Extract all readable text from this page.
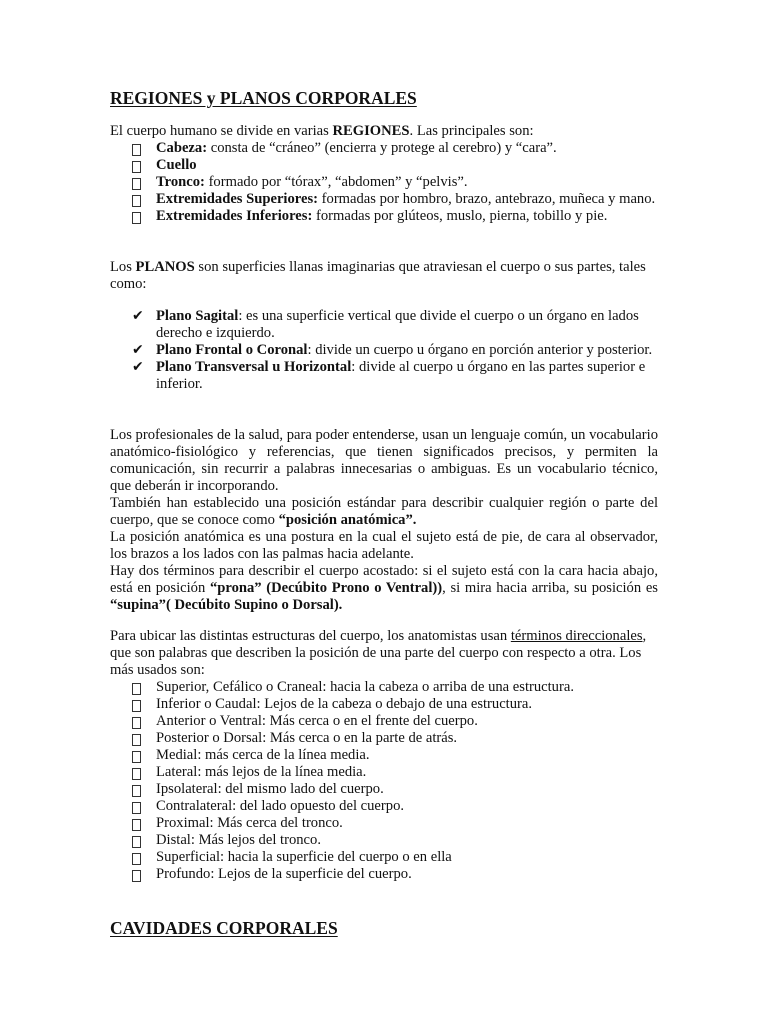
REGIONES y PLANOS CORPORALES

El cuerpo humano se divide en varias REGIONES. Las principales son:

Cabeza: consta de “cráneo” (encierra y protege al cerebro) y “cara”.
Cuello
Tronco: formado por “tórax”, “abdomen” y “pelvis”.
Extremidades Superiores: formadas por hombro, brazo, antebrazo, muñeca y mano.
Extremidades Inferiores: formadas por glúteos, muslo, pierna, tobillo y pie.

Los PLANOS son superficies llanas imaginarias que atraviesan el cuerpo o sus partes, tales como:

✔ Plano Sagital: es una superficie vertical que divide el cuerpo o un órgano en lados derecho e izquierdo.
✔ Plano Frontal o Coronal: divide un cuerpo u órgano en porción anterior y posterior.
✔ Plano Transversal u Horizontal: divide al cuerpo u órgano en las partes superior e inferior.

Los profesionales de la salud, para poder entenderse, usan un lenguaje común, un vocabulario anatómico-fisiológico y referencias, que tienen significados precisos, y permiten la comunicación, sin recurrir a palabras innecesarias o ambiguas. Es un vocabulario técnico, que deberán ir incorporando.

También han establecido una posición estándar para describir cualquier región o parte del cuerpo, que se conoce como “posición anatómica”.

La posición anatómica es una postura en la cual el sujeto está de pie, de cara al observador, los brazos a los lados con las palmas hacia adelante.

Hay dos términos para describir el cuerpo acostado: si el sujeto está con la cara hacia abajo, está en posición “prona” (Decúbito Prono o Ventral)), si mira hacia arriba, su posición es “supina”( Decúbito Supino o Dorsal).

Para ubicar las distintas estructuras del cuerpo, los anatomistas usan términos direccionales, que son palabras que describen la posición de una parte del cuerpo con respecto a otra. Los más usados son:

Superior, Cefálico o Craneal: hacia la cabeza o arriba de una estructura.
Inferior o Caudal: Lejos de la cabeza o debajo de una estructura.
Anterior o Ventral: Más cerca o en el frente del cuerpo.
Posterior o Dorsal: Más cerca o en la parte de atrás.
Medial: más cerca de la línea media.
Lateral: más lejos de la línea media.
Ipsolateral: del mismo lado del cuerpo.
Contralateral: del lado opuesto del cuerpo.
Proximal: Más cerca del tronco.
Distal: Más lejos del tronco.
Superficial: hacia la superficie del cuerpo o en ella
Profundo: Lejos de la superficie del cuerpo.
CAVIDADES CORPORALES
